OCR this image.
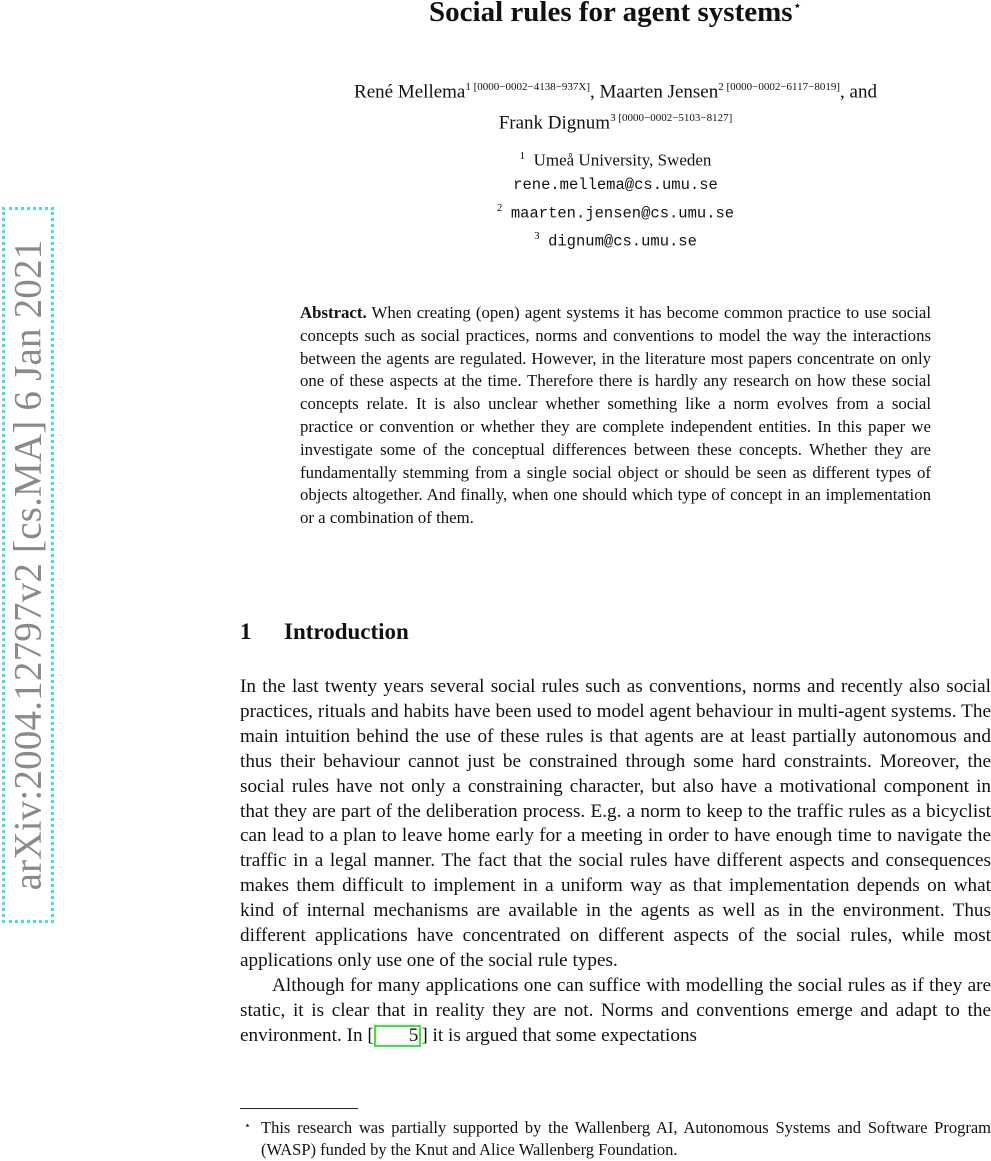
arXiv:2004.12797v2 [cs.MA] 6 Jan 2021
Social rules for agent systems⋆
René Mellema$^{1 [0000-0002-4138-937X]}$, Maarten Jensen$^{2 [0000-0002-6117-8019]}$, and
Frank Dignum$^{3 [0000-0002-5103-8127]}$
$^1$ Umeå University, Sweden
rene.mellema@cs.umu.se
$^2$ maarten.jensen@cs.umu.se
$^3$ dignum@cs.umu.se

Abstract. When creating (open) agent systems it has become common practice to use social concepts such as social practices, norms and conventions to model the way the interactions between the agents are regulated. However, in the literature most papers concentrate on only one of these aspects at the time. Therefore there is hardly any research on how these social concepts relate. It is also unclear whether something like a norm evolves from a social practice or convention or whether they are complete independent entities. In this paper we investigate some of the conceptual differences between these concepts. Whether they are fundamentally stemming from a single social object or should be seen as different types of objects altogether. And finally, when one should which type of concept in an implementation or a combination of them.

1 Introduction

In the last twenty years several social rules such as conventions, norms and recently also social practices, rituals and habits have been used to model agent behaviour in multi-agent systems. The main intuition behind the use of these rules is that agents are at least partially autonomous and thus their behaviour cannot just be constrained through some hard constraints. Moreover, the social rules have not only a constraining character, but also have a motivational component in that they are part of the deliberation process. E.g. a norm to keep to the traffic rules as a bicyclist can lead to a plan to leave home early for a meeting in order to have enough time to navigate the traffic in a legal manner. The fact that the social rules have different aspects and consequences makes them difficult to implement in a uniform way as that implementation depends on what kind of internal mechanisms are available in the agents as well as in the environment. Thus different applications have concentrated on different aspects of the social rules, while most applications only use one of the social rule types.

Although for many applications one can suffice with modelling the social rules as if they are static, it is clear that in reality they are not. Norms and conventions emerge and adapt to the environment. In [ 5 ] it is argued that some expectations

⋆ This research was partially supported by the Wallenberg AI, Autonomous Systems and Software Program (WASP) funded by the Knut and Alice Wallenberg Foundation.
